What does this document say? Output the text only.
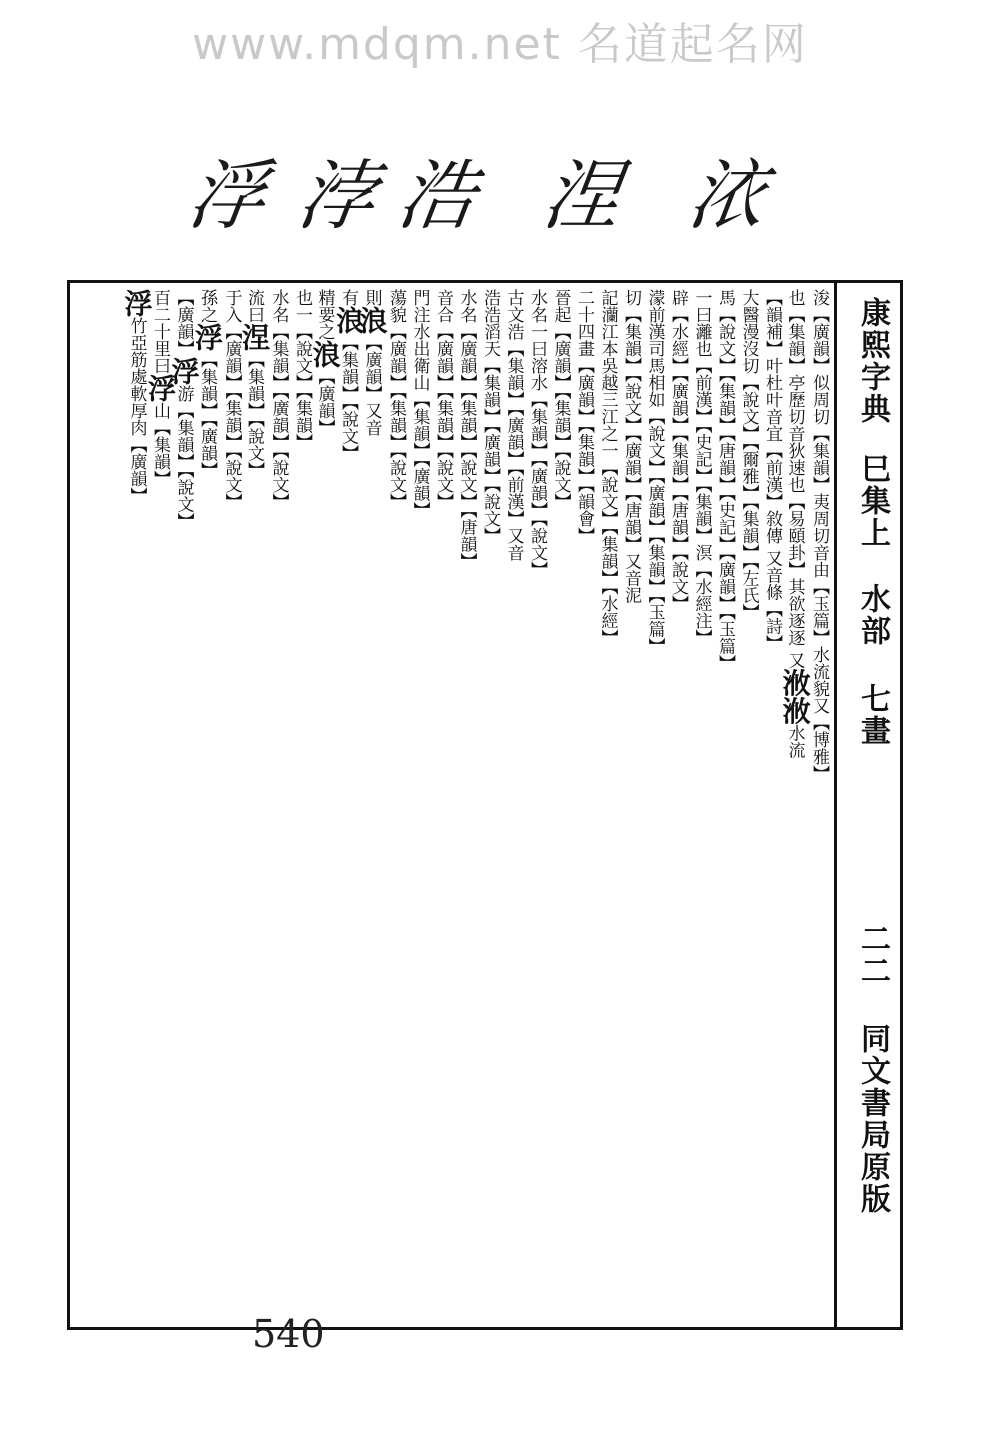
www.mdqm.net 名道起名网
㳖
涅
浩
浡
浮
康熙字典
巳集上
水部
七畫
二二
同文書局原版
浚【廣韻】似周切【集韻】夷周切音由【玉篇】水流貌又【博雅】
也【集韻】亭歷切音狄速也【易頤卦】其欲逐逐 又浟浟水流
【韻補】叶杜叶音宜【前漢】敘傳 又音條【詩】
大醫漫沒切【說文】【爾雅】【集韻】【左氏】
馬【說文】【集韻】【唐韻】【史記】【廣韻】【玉篇】
一曰灕也【前漢】【史記】【集韻】溟【水經注】
辟【水經】【廣韻】【集韻】【唐韻】【說文】
濛前漢司馬相如【說文】【廣韻】【集韻】【玉篇】
切【集韻】【說文】【廣韻】【唐韻】又音泥
記灡江本吳越三江之一【說文】【集韻】【水經】
二十四畫【廣韻】【集韻】【韻會】
晉起【廣韻】【集韻】【說文】
水名一曰溶水【集韻】【廣韻】【說文】
古文浩【集韻】【廣韻】【前漢】又音
浩浩滔天【集韻】【廣韻】【說文】
水名【廣韻】【集韻】【說文】【唐韻】
音合【廣韻】【集韻】【說文】
門注水出衛山【集韻】【廣韻】
蕩貌【廣韻】【集韻】【說文】
則浪【廣韻】又音
有浪【集韻】【說文】
精要之浪【廣韻】
也一【說文】【集韻】
水名【集韻】【廣韻】【說文】
流曰涅【集韻】【說文】
于入【廣韻】【集韻】【說文】
孫之浮【集韻】【廣韻】
【廣韻】浮游【集韻】【說文】
百二十里曰浮山【集韻】
浮竹亞筋處軟厚肉【廣韻】
540
